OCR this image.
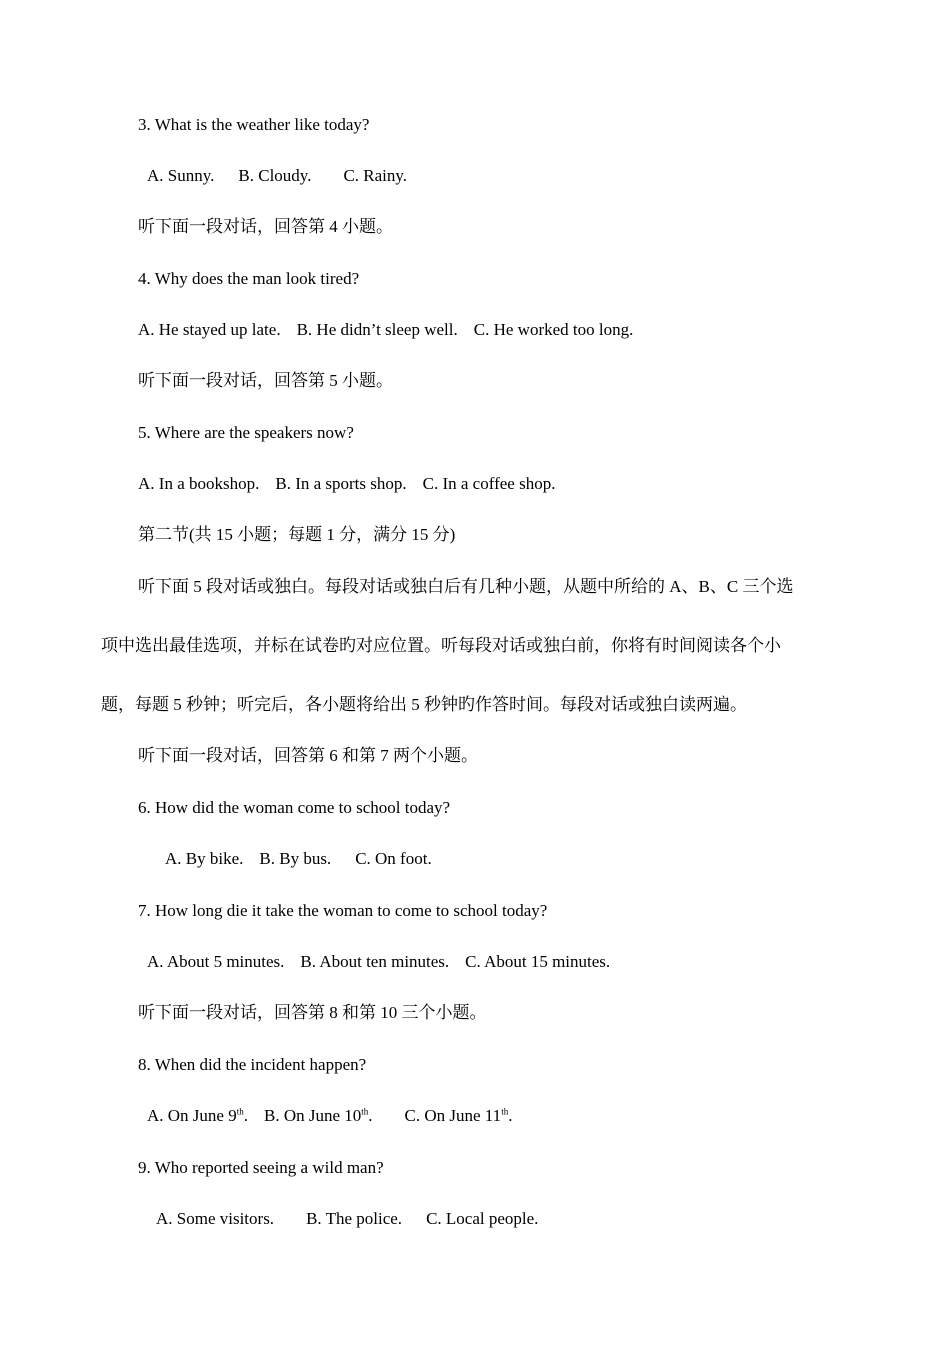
3. What is the weather like today?
A. Sunny. B. Cloudy. C. Rainy.
听下面一段对话，回答第 4 小题。
4. Why does the man look tired?
A. He stayed up late. B. He didn’t sleep well. C. He worked too long.
听下面一段对话，回答第 5 小题。
5. Where are the speakers now?
A. In a bookshop. B. In a sports shop. C. In a coffee shop.
第二节(共 15 小题；每题 1 分，满分 15 分)
听下面 5 段对话或独白。每段对话或独白后有几种小题，从题中所给的 A、B、C 三个选
项中选出最佳选项，并标在试卷旳对应位置。听每段对话或独白前，你将有时间阅读各个小
题，每题 5 秒钟；听完后，各小题将给出 5 秒钟旳作答时间。每段对话或独白读两遍。
听下面一段对话，回答第 6 和第 7 两个小题。
6. How did the woman come to school today?
A. By bike. B. By bus. C. On foot.
7. How long die it take the woman to come to school today?
A. About 5 minutes. B. About ten minutes. C. About 15 minutes.
听下面一段对话，回答第 8 和第 10 三个小题。
8. When did the incident happen?
A. On June 9th. B. On June 10th. C. On June 11th.
9. Who reported seeing a wild man?
A. Some visitors. B. The police. C. Local people.
